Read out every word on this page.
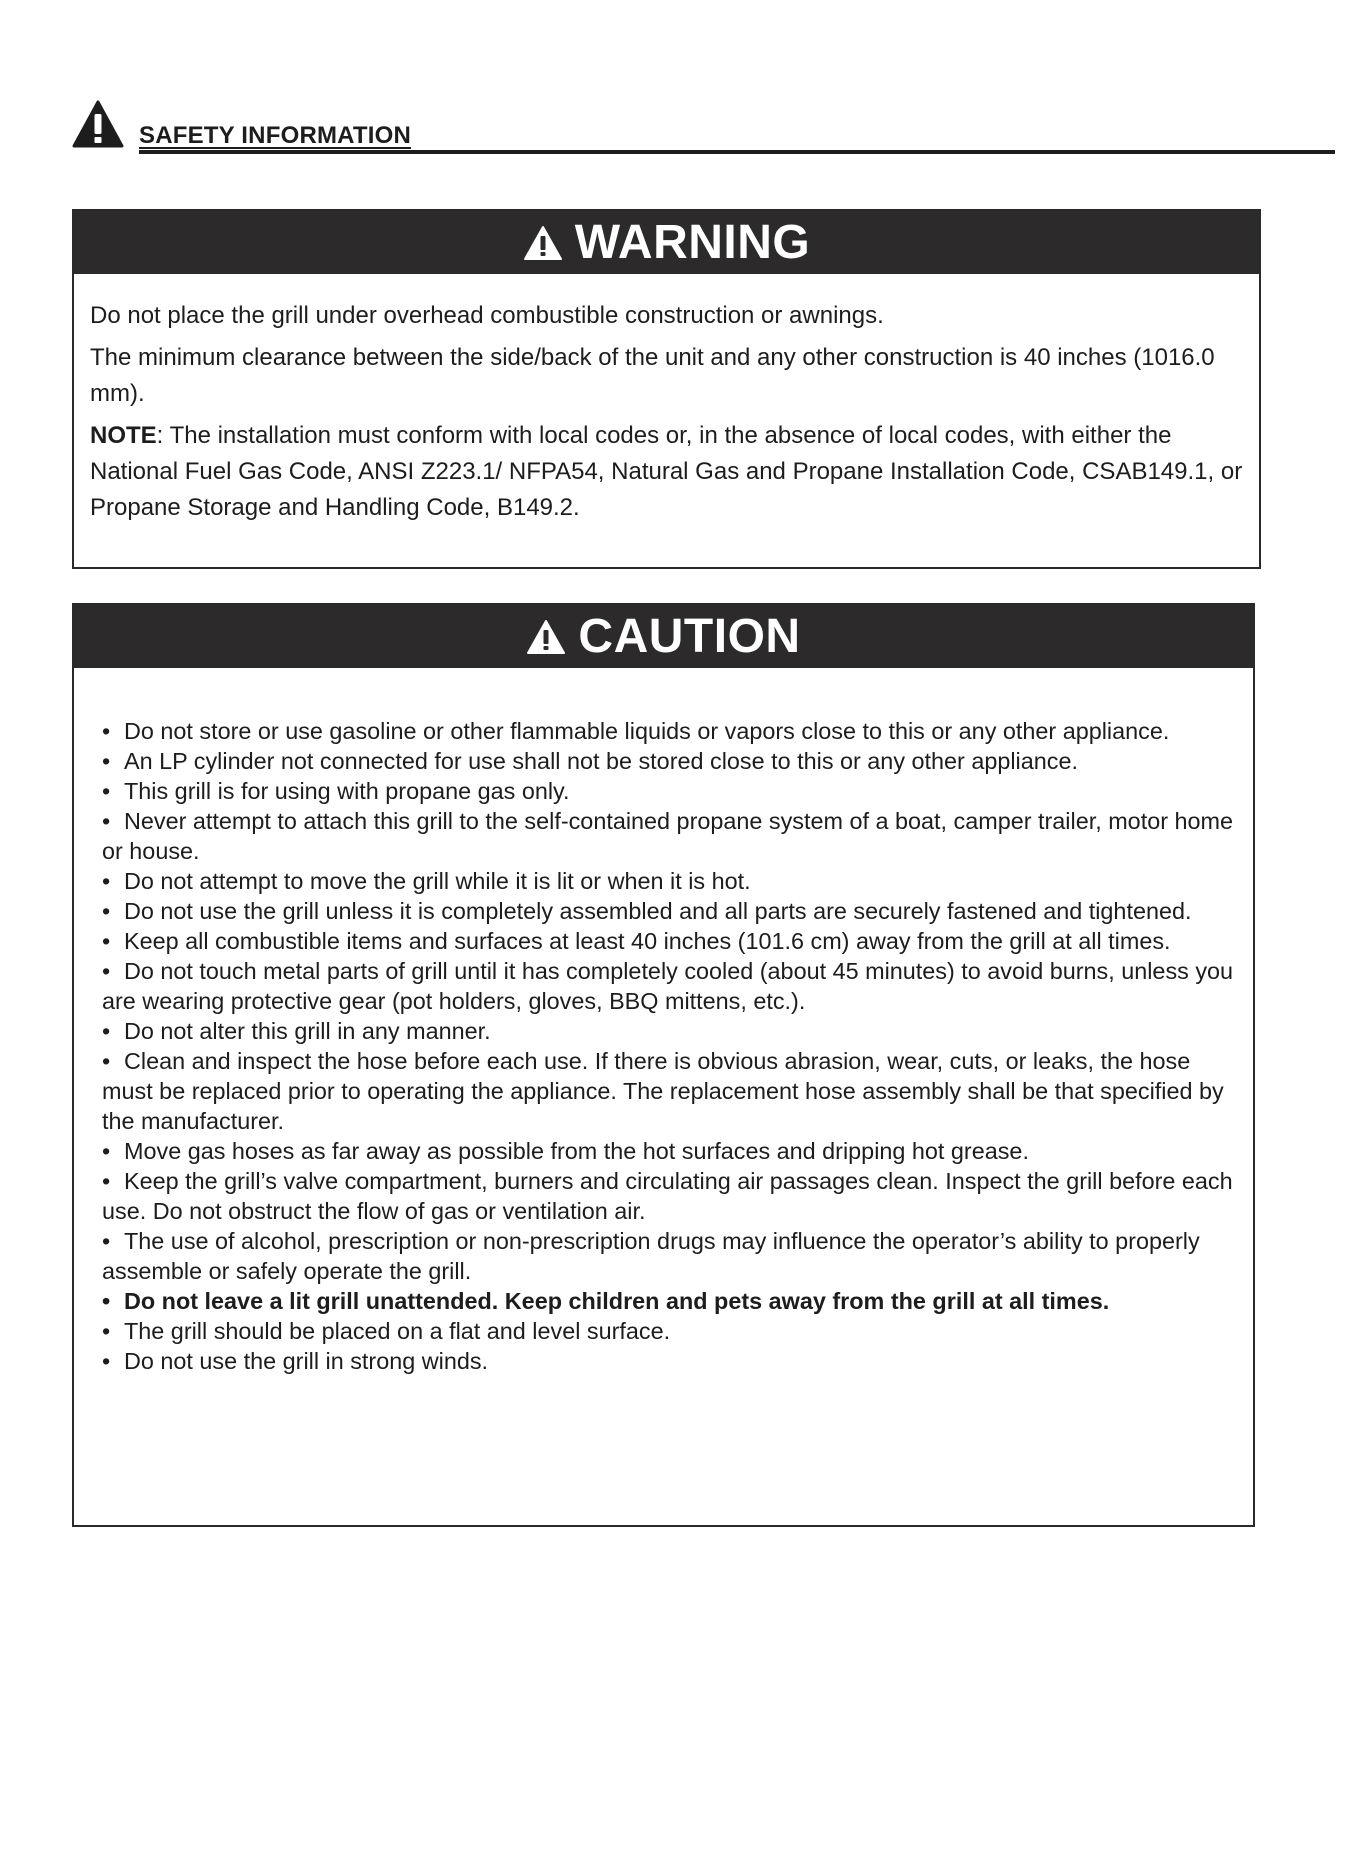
SAFETY INFORMATION
WARNING

Do not place the grill under overhead combustible construction or awnings.

The minimum clearance between the side/back of the unit and any other construction is 40 inches (1016.0 mm).

NOTE: The installation must conform with local codes or, in the absence of local codes, with either the National Fuel Gas Code, ANSI Z223.1/ NFPA54, Natural Gas and Propane Installation Code, CSAB149.1, or Propane Storage and Handling Code, B149.2.

CAUTION

• Do not store or use gasoline or other flammable liquids or vapors close to this or any other appliance.

• An LP cylinder not connected for use shall not be stored close to this or any other appliance.

• This grill is for using with propane gas only.

• Never attempt to attach this grill to the self-contained propane system of a boat, camper trailer, motor home or house.

• Do not attempt to move the grill while it is lit or when it is hot.

• Do not use the grill unless it is completely assembled and all parts are securely fastened and tightened.

• Keep all combustible items and surfaces at least 40 inches (101.6 cm) away from the grill at all times.

• Do not touch metal parts of grill until it has completely cooled (about 45 minutes) to avoid burns, unless you are wearing protective gear (pot holders, gloves, BBQ mittens, etc.).

• Do not alter this grill in any manner.

• Clean and inspect the hose before each use. If there is obvious abrasion, wear, cuts, or leaks, the hose must be replaced prior to operating the appliance. The replacement hose assembly shall be that specified by the manufacturer.

• Move gas hoses as far away as possible from the hot surfaces and dripping hot grease.

• Keep the grill’s valve compartment, burners and circulating air passages clean. Inspect the grill before each use. Do not obstruct the flow of gas or ventilation air.

• The use of alcohol, prescription or non-prescription drugs may influence the operator’s ability to properly assemble or safely operate the grill.

• Do not leave a lit grill unattended. Keep children and pets away from the grill at all times.

• The grill should be placed on a flat and level surface.

• Do not use the grill in strong winds.
